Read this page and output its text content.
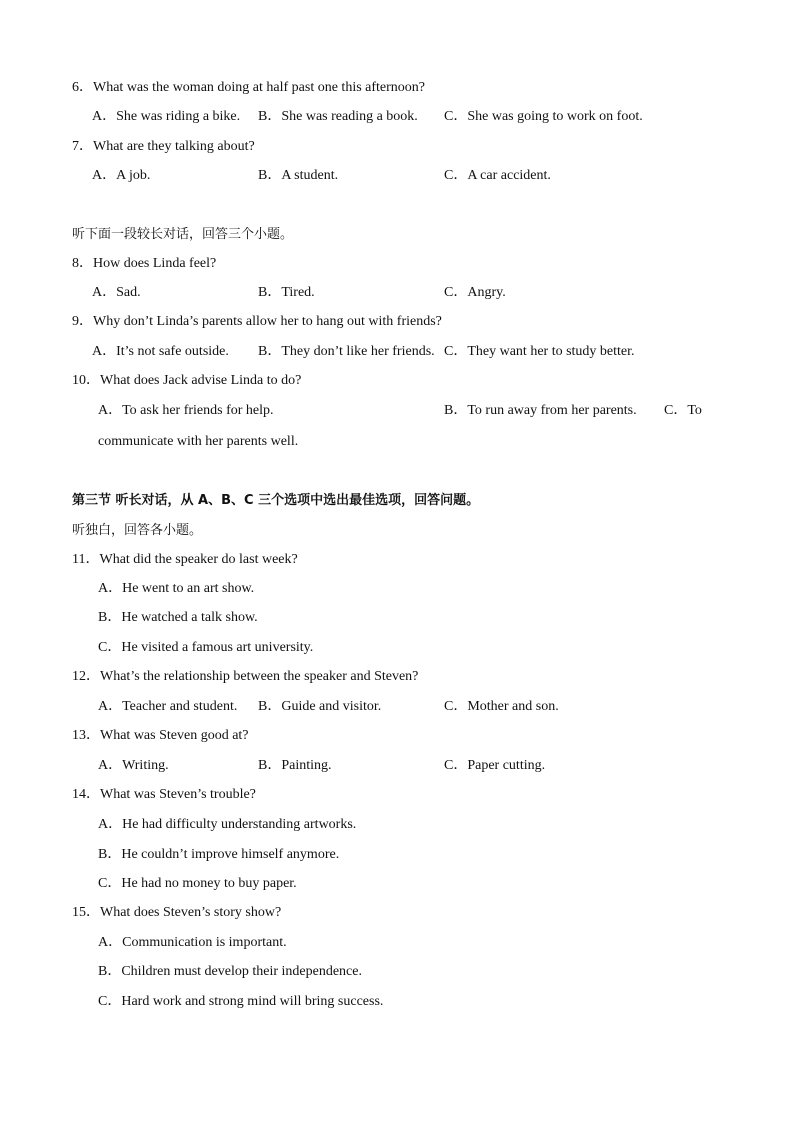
6．What was the woman doing at half past one this afternoon?
A．She was riding a bike. B．She was reading a book. C．She was going to work on foot.
7．What are they talking about?
A．A job.	B．A student.	C．A car accident.
听下面一段较长对话，回答三个小题。
8．How does Linda feel?
A．Sad.	B．Tired.	C．Angry.
9．Why don’t Linda’s parents allow her to hang out with friends?
A．It’s not safe outside. B．They don’t like her friends. C．They want her to study better.
10．What does Jack advise Linda to do?
A．To ask her friends for help.	B．To run away from her parents. C．To
communicate with her parents well.
第三节 听长对话，从 A、B、C 三个选项中选出最佳选项，回答问题。
听独白，回答各小题。
11．What did the speaker do last week?
A．He went to an art show.
B．He watched a talk show.
C．He visited a famous art university.
12．What’s the relationship between the speaker and Steven?
A．Teacher and student. B．Guide and visitor.	C．Mother and son.
13．What was Steven good at?
A．Writing.	B．Painting.	C．Paper cutting.
14．What was Steven’s trouble?
A．He had difficulty understanding artworks.
B．He couldn’t improve himself anymore.
C．He had no money to buy paper.
15．What does Steven’s story show?
A．Communication is important.
B．Children must develop their independence.
C．Hard work and strong mind will bring success.
